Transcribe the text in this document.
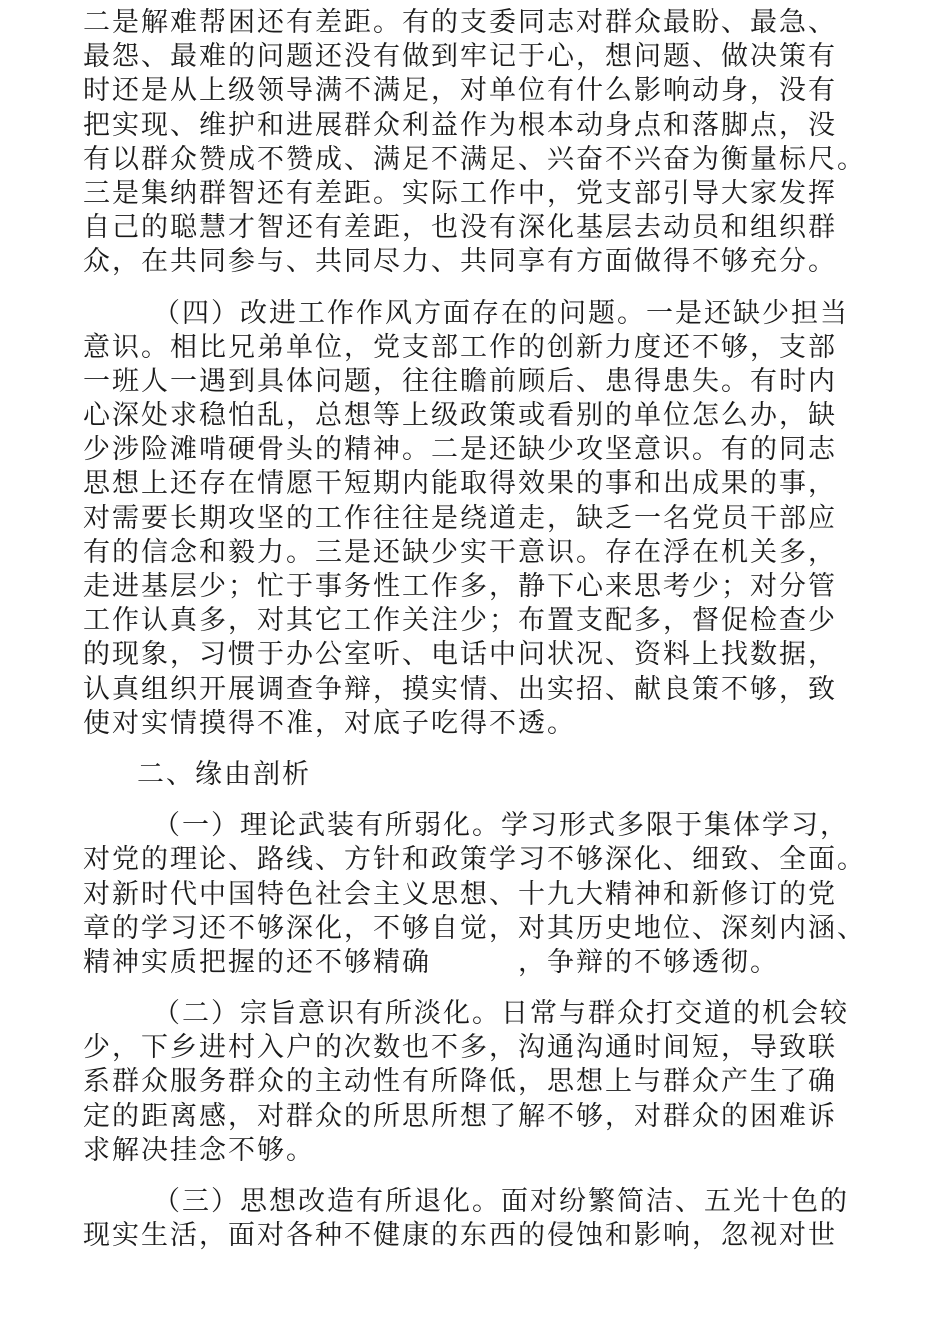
二是解难帮困还有差距。有的支委同志对群众最盼、最急、
最怨、最难的问题还没有做到牢记于心，想问题、做决策有
时还是从上级领导满不满足，对单位有什么影响动身，没有
把实现、维护和进展群众利益作为根本动身点和落脚点，没
有以群众赞成不赞成、满足不满足、兴奋不兴奋为衡量标尺。
三是集纳群智还有差距。实际工作中，党支部引导大家发挥
自己的聪慧才智还有差距，也没有深化基层去动员和组织群
众，在共同参与、共同尽力、共同享有方面做得不够充分。
（四）改进工作作风方面存在的问题。一是还缺少担当
意识。相比兄弟单位，党支部工作的创新力度还不够，支部
一班人一遇到具体问题，往往瞻前顾后、患得患失。有时内
心深处求稳怕乱，总想等上级政策或看别的单位怎么办，缺
少涉险滩啃硬骨头的精神。二是还缺少攻坚意识。有的同志
思想上还存在情愿干短期内能取得效果的事和出成果的事，
对需要长期攻坚的工作往往是绕道走，缺乏一名党员干部应
有的信念和毅力。三是还缺少实干意识。存在浮在机关多，
走进基层少；忙于事务性工作多，静下心来思考少；对分管
工作认真多，对其它工作关注少；布置支配多，督促检查少
的现象，习惯于办公室听、电话中问状况、资料上找数据，
认真组织开展调查争辩，摸实情、出实招、献良策不够，致
使对实情摸得不准，对底子吃得不透。
二、缘由剖析
（一）理论武装有所弱化。学习形式多限于集体学习，
对党的理论、路线、方针和政策学习不够深化、细致、全面。
对新时代中国特色社会主义思想、十九大精神和新修订的党
章的学习还不够深化，不够自觉，对其历史地位、深刻内涵、
精神实质把握的还不够精确　　　，争辩的不够透彻。
（二）宗旨意识有所淡化。日常与群众打交道的机会较
少，下乡进村入户的次数也不多，沟通沟通时间短，导致联
系群众服务群众的主动性有所降低，思想上与群众产生了确
定的距离感，对群众的所思所想了解不够，对群众的困难诉
求解决挂念不够。
（三）思想改造有所退化。面对纷繁简洁、五光十色的
现实生活，面对各种不健康的东西的侵蚀和影响，忽视对世
